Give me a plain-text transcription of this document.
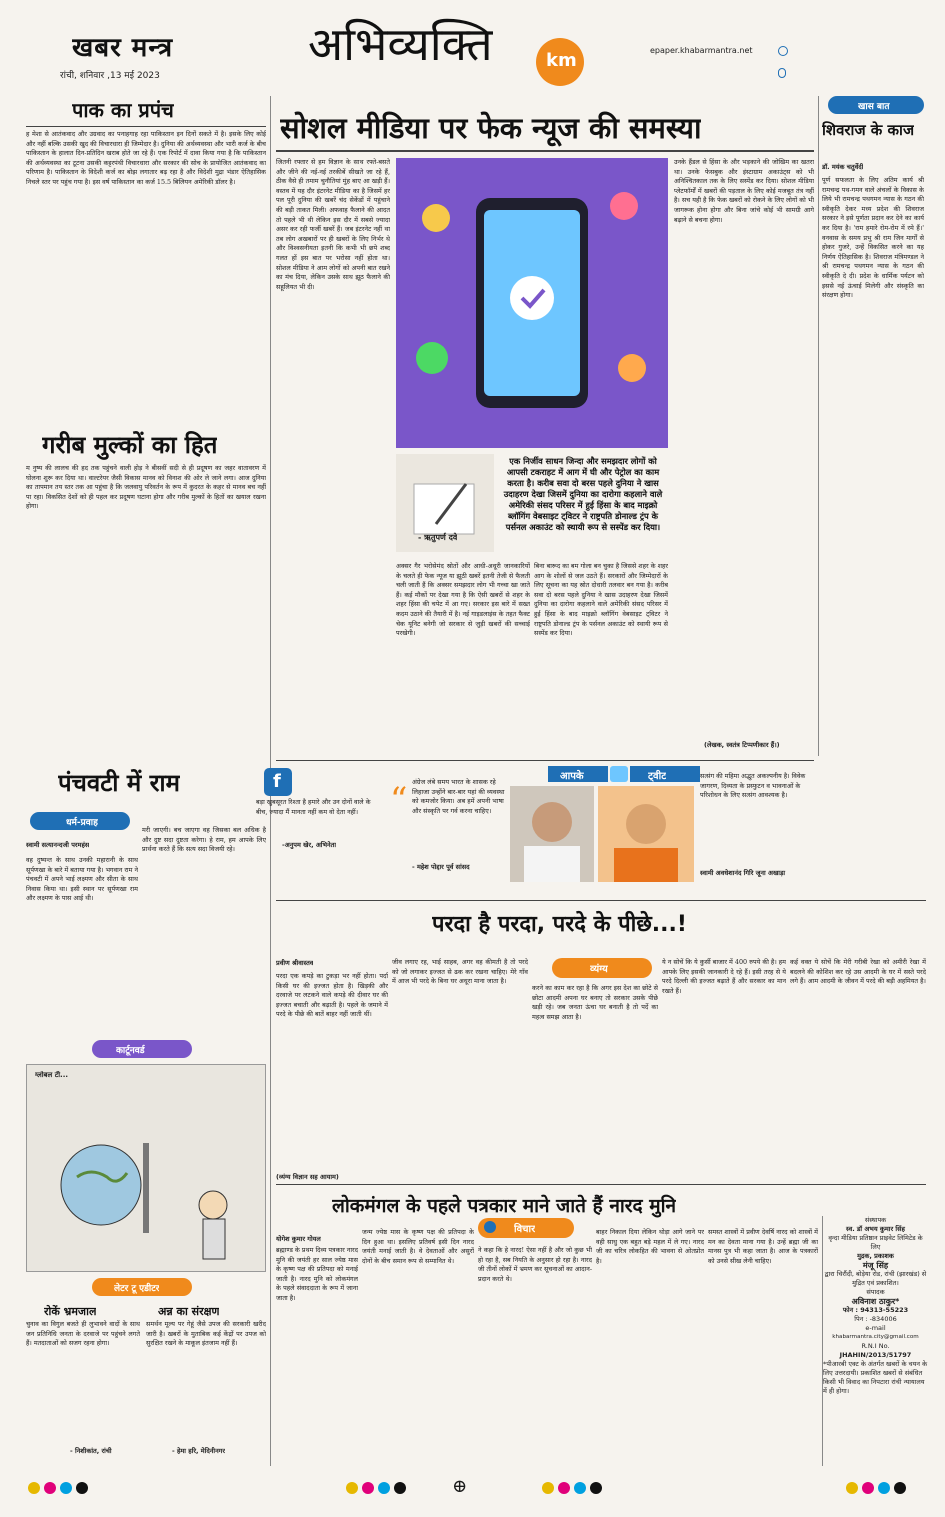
खबर मन्त्र
रांची, शनिवार ,13 मई 2023
अभिव्यक्ति	km	epaper.khabarmantra.net
पाक का प्रपंच
ह मेशा से आतंकवाद और उग्रवाद का पनाहगाह रहा पाकिस्तान इन दिनों सकते में है। इसके लिए कोई और नहीं बल्कि उसकी खुद की विचारधारा ही जिम्मेदार है। दुनिया की अर्थव्यवस्था और भारी कर्ज के बीच पाकिस्तान के हालात दिन-प्रतिदिन खराब होते जा रहे हैं। एक रिपोर्ट में दावा किया गया है कि पाकिस्तान की अर्थव्यवस्था का टूटना उसकी कट्टरपंथी विचारधारा और सरकार की सोच के प्रायोजित आतंकवाद का परिणाम है। पाकिस्तान के विदेशी कर्ज का बोझ लगातार बढ़ रहा है और विदेशी मुद्रा भंडार ऐतिहासिक निचले स्तर पर पहुंच गया है। इस वर्ष पाकिस्तान का कर्ज 15.5 बिलियन अमेरिकी डॉलर है।
गरीब मुल्कों का हित
म नुष्य की लालच की हद तक पहुंचने वाली होड़ ने बीसवीं सदी से ही प्रदूषण का जहर वातावरण में घोलना शुरू कर दिया था। वाल्टरेयर जैसी विकास मानव को विनाश की ओर ले जाने लगा। आज दुनिया का तापमान तय स्तर तक आ पहुंचा है कि जलवायु परिवर्तन के रूप में कुदरत के कहर से मानव बच नहीं पा रहा। विकसित देशों को ही पहल कर प्रदूषण घटाना होगा और गरीब मुल्कों के हितों का खयाल रखना होगा।
पंचवटी में राम
धर्म-प्रवाह
स्वामी सत्यानन्दजी परमहंस
वह दुष्यन्त के साथ उनकी महारानी के साथ सूर्पणखा के बारे में बताया गया है। भगवान राम ने पंचवटी में अपने भाई लक्ष्मण और सीता के साथ निवास किया था। इसी स्थान पर सूर्पणखा राम और लक्ष्मण के पास आई थी।
मरी जाएगी। बच जाएगा वह जिसका बल अधिक है और दुष्ट सदा दुष्टता करेगा। हे राम, हम आपके लिए प्रार्थना करते हैं कि सत्य सदा विजयी रहे।
कार्टूनवर्ड
ग्लोबल टी...
लेटर टू एडीटर
रोकें भ्रमजाल
चुनाव का विगुल बजते ही लुभावने वादों के साथ जन प्रतिनिधि जनता के दरवाजे पर पहुंचने लगते हैं। मतदाताओं को सजग रहना होगा।
- निशीकांत, रांची
अन्न का संरक्षण
समर्थन मूल्य पर गेहूं जैसे उपज की सरकारी खरीद जारी है। खबरों के मुताबिक कई केंद्रों पर उपज को सुरक्षित रखने के माकूल इंतजाम नहीं हैं।
- हेमा हरि, मेदिनीनगर
सोशल मीडिया पर फेक न्यूज की समस्या
जितनी रफ्तार से हम विज्ञान के साथ रफ्ते-बसते और जीने की नई-नई तरकीबें सीखते जा रहे हैं, ठीक वैसे ही तमाम चुनौतियां मुंह बाए आ खड़ी हैं। वस्तव में यह दौर इंटरनेट मीडिया का है जिसमें हर पल पूरी दुनिया की खबरें चंद सेकेंडों में पहुंचाने की बड़ी ताकत मिली। अफवाह फैलाने की आदत तो पहले भी थी लेकिन इस दौर में सबसे ज्यादा असर कर रही फर्जी खबरें हैं। जब इंटरनेट नहीं था तब लोग अखबारों पर ही खबरों के लिए निर्भर थे और विश्वसनीयता इतनी कि कभी भी छपे शब्द गलत हों इस बात पर भरोसा नहीं होता था। सोशल मीडिया ने आम लोगों को अपनी बात रखने का मंच दिया, लेकिन उसके साथ झूठ फैलाने की सहूलियत भी दी।
- ऋतुपर्ण दवे
एक निर्जीव साधन जिन्दा और समझदार लोगों को आपसी टकराहट में आग में घी और पेट्रोल का काम करता है। करीब सवा दो बरस पहले दुनिया ने खास उदाहरण देखा जिसमें दुनिया का दारोगा कहलाने वाले अमेरिकी संसद परिसर में हुई हिंसा के बाद माइक्रो ब्लॉगिंग वेबसाइट ट्विटर ने राष्ट्रपति डोनाल्ड ट्रंप के पर्सनल अकाउंट को स्थायी रूप से सस्पेंड कर दिया।
अक्सर गैर भरोसेमंद स्रोतों और आधी-अधूरी जानकारियों के चलते ही फेक न्यूज या झूठी खबरें इतनी तेजी से फैलती चली जाती हैं कि अक्सर समझदार लोग भी गच्चा खा जाते हैं। कई मौकों पर देखा गया है कि ऐसी खबरों से शहर के शहर हिंसा की चपेट में आ गए। सरकार इस बारे में सख्त कदम उठाने की तैयारी में है। नई गाइडलाइंस के तहत फैक्ट चेक यूनिट बनेगी जो सरकार से जुड़ी खबरों की सच्चाई परखेगी।
बिना बारूद का बम गोला बन चुका है जिससे शहर के शहर आग के शोलों से जल उठते हैं। सरकारों और जिम्मेदारों के लिए सूचना का यह स्रोत दोधारी तलवार बन गया है। करीब सवा दो बरस पहले दुनिया ने खास उदाहरण देखा जिसमें दुनिया का दारोगा कहलाने वाले अमेरिकी संसद परिसर में हुई हिंसा के बाद माइक्रो ब्लॉगिंग वेबसाइट ट्विटर ने राष्ट्रपति डोनाल्ड ट्रंप के पर्सनल अकाउंट को स्थायी रूप से सस्पेंड कर दिया।
उनके हैंडल से हिंसा के और भड़काने की जोखिम का खतरा था। उनके फेसबुक और इंस्टाग्राम अकाउंट्स को भी अनिश्चितकाल तक के लिए सस्पेंड कर दिया। सोशल मीडिया प्लेटफॉर्मों में खबरों की पड़ताल के लिए कोई मजबूत तंत्र नहीं है। सच यही है कि फेक खबरों को रोकने के लिए लोगों को भी जागरूक होना होगा और बिना जांचे कोई भी सामग्री आगे बढ़ाने से बचना होगा।
(लेखक, स्वतंत्र टिप्पणीकार हैं।)
खास बात
शिवराज के काज
डॉ. मयंक चतुर्वेदी
पूर्ण सफलता के लिए अतिम कार्य श्री रामचन्द्र पथ-गमन वाले अंचलों के विकास के लिये भी रामचन्द्र पथगमन न्यास के गठन की स्वीकृति देकर मध्य प्रदेश की शिवराज सरकार ने इसे पूर्णता प्रदान कर देने का कार्य कर दिया है। 'राम हमारे रोम-रोम में रमे हैं।' वनवास के समय प्रभु श्री राम जिन मार्गों से होकर गुजरे, उन्हें विकसित करने का यह निर्णय ऐतिहासिक है। शिवराज मंत्रिमण्डल ने श्री रामचन्द्र पथगमन न्यास के गठन की स्वीकृति दे दी। प्रदेश के धार्मिक पर्यटन को इससे नई ऊंचाई मिलेगी और संस्कृति का संरक्षण होगा।
f
बड़ा खुबसूरत रिश्ता है हमारे और उन दोनों वाले के बीच, ज्यादा मैं मानता नहीं कम वो देता नहीं।
-अनुपम खेर, अभिनेता
आपके	ट्वीट
“ अंग्रेज लंबे समय भारत के शासक रहे लिहाजा उन्होंने बार-बार यहां की व्यवस्था को कमजोर किया। अब हमें अपनी भाषा और संस्कृति पर गर्व करना चाहिए।
- महेश पोद्दार पूर्व सांसद
सत्संग की महिमा अद्भुत अकल्पनीय है। विवेक जागरण, दिव्यता के प्रस्फुटन व भावनाओं के परिशोधन के लिए सत्संग आवश्यक है।
स्वामी अवधेशानंद गिरि जूना अखाड़ा
परदा है परदा, परदे के पीछे...!
प्रवीण श्रीवास्तव
व्यंग्य
परदा एक कपड़े का टुकड़ा भर नहीं होता। पर्दा किसी घर की इज्जत होता है। खिड़की और दरवाजे पर लटकने वाले कपड़े की दीवार घर की इज्जत बचाती और बढ़ाती है। पहले के जमाने में परदे के पीछे की बातें बाहर नहीं जाती थीं।
(व्यंग्य विज्ञान सह आयाम)
जीव लगाए रह, भाई साहब, अगर वह कीमती है तो परदे को जो लगाकर इज्जत से ढक कर रखना चाहिए। मेरे गाँव में आज भी परदे के बिना घर अधूरा माना जाता है।
करने का काम कर रहा है कि अगर इस देश का छोटे से छोटा आदमी अपना घर बनाए तो सरकार उसके पीछे खड़ी रहे। जब जनता ऊंचा घर बनाती है तो पर्दे का महत्व समझ आता है।
ये न सोचें कि ये कुर्सी बाजार में 400 रुपये की है। हम आपके लिए इसकी जानकारी दे रहे हैं। इसी तरह से ये परदे दिल्ली की इज्जत बढ़ाते हैं और सरकार का मान रखते हैं।
कई वक्त ये सोचें कि मेरी गरीबी रेखा को अमीरी रेखा में बदलने की कोशिश कर रहे उस आदमी के घर में सस्ते परदे लगे हैं। आम आदमी के जीवन में परदे की बड़ी अहमियत है।
लोकमंगल के पहले पत्रकार माने जाते हैं नारद मुनि
योगेश कुमार गोयल
विचार
ब्रह्माण्ड के प्रथम दिव्य पत्रकार नारद मुनि की जयंती हर साल ज्येष्ठ मास के कृष्ण पक्ष की प्रतिपदा को मनाई जाती है। नारद मुनि को लोकमंगल के पहले संवाददाता के रूप में जाना जाता है।
जन्म ज्येष्ठ मास के कृष्ण पक्ष की प्रतिपदा के दिन हुआ था। इसलिए प्रतिवर्ष इसी दिन नारद जयंती मनाई जाती है। वे देवताओं और असुरों दोनों के बीच समान रूप से सम्मानित थे।
ने कहा कि हे नारद! ऐसा नहीं है और जो कुछ भी हो रहा है, सब नियति के अनुसार हो रहा है। नारद जी तीनों लोकों में भ्रमण कर सूचनाओं का आदान-प्रदान करते थे।
बाहर निकाल दिया लेकिन थोड़ा आगे जाने पर वही साधु एक बहुत बड़े महल में ले गए। नारद जी का चरित्र लोकहित की भावना से ओतप्रोत है।
समस्त शास्त्रों में प्रवीण देवर्षि नारद को शास्त्रों में मन का देवता माना गया है। उन्हें ब्रह्मा जी का मानस पुत्र भी कहा जाता है। आज के पत्रकारों को उनसे सीख लेनी चाहिए।
संस्थापक
स्व. डॉ अभय कुमार सिंह
वृन्दा मीडिया प्रतिष्ठान प्राइवेट लिमिटेड के लिए
मुद्रक, प्रकाशक
मंजू सिंह
द्वारा चिरौंदी, बोड़ेया रोड, रांची (झारखंड) से मुद्रित एवं प्रकाशित।
संपादक
अविनाश ठाकुर*
फोन : 94313-55223
पिन : -834006
e-mail
khabarmantra.city@gmail.com
R.N.I No.
JHAHIN/2013/51797
*पीआरबी एक्ट के अंतर्गत खबरों के चयन के लिए उत्तरदायी। प्रकाशित खबरों से संबंधित किसी भी विवाद का निपटारा रांची न्यायालय में ही होगा।
⊕
